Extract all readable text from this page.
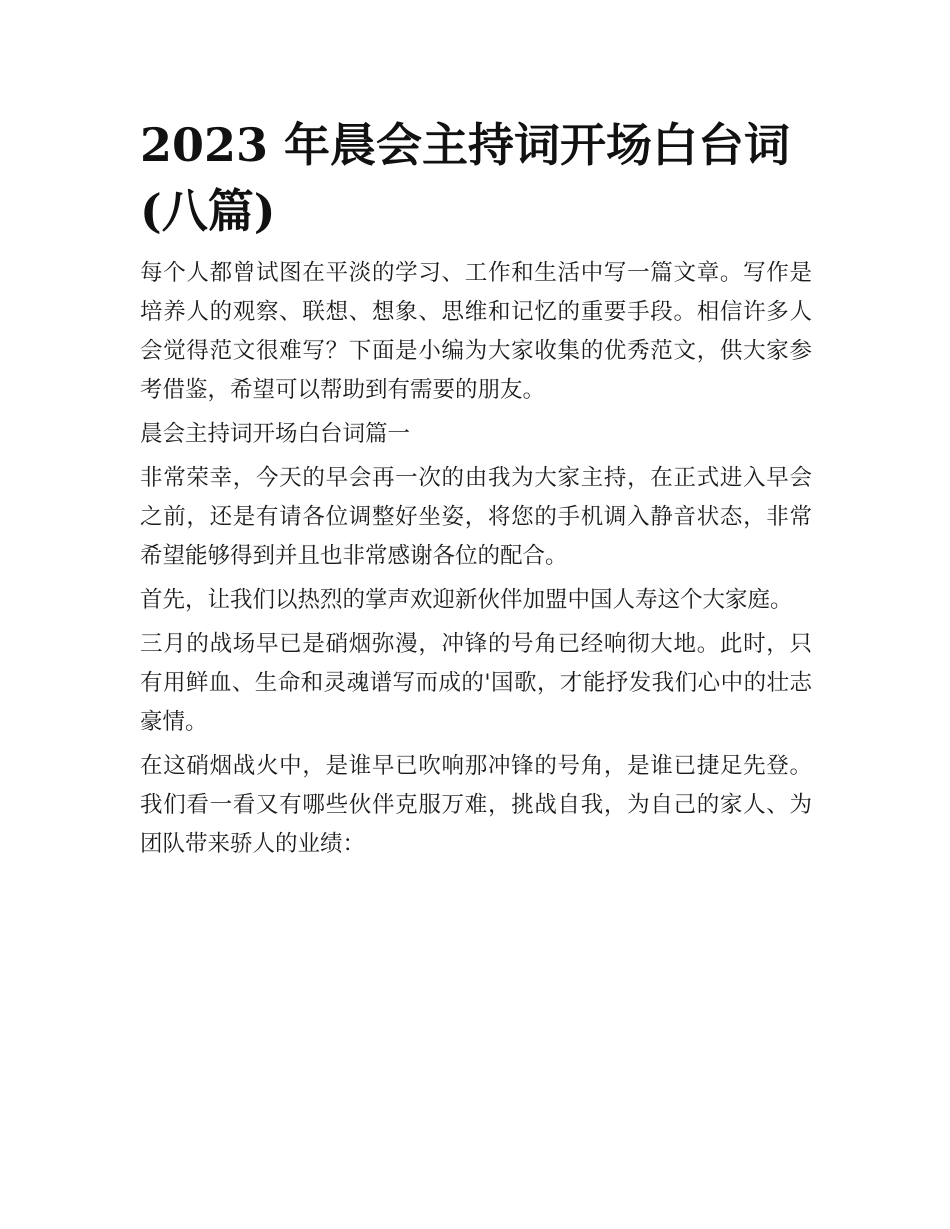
2023 年晨会主持词开场白台词(八篇)

每个人都曾试图在平淡的学习、工作和生活中写一篇文章。写作是培养人的观察、联想、想象、思维和记忆的重要手段。相信许多人会觉得范文很难写？下面是小编为大家收集的优秀范文，供大家参考借鉴，希望可以帮助到有需要的朋友。

晨会主持词开场白台词篇一

非常荣幸，今天的早会再一次的由我为大家主持，在正式进入早会之前，还是有请各位调整好坐姿，将您的手机调入静音状态，非常希望能够得到并且也非常感谢各位的配合。

首先，让我们以热烈的掌声欢迎新伙伴加盟中国人寿这个大家庭。

三月的战场早已是硝烟弥漫，冲锋的号角已经响彻大地。此时，只有用鲜血、生命和灵魂谱写而成的'国歌，才能抒发我们心中的壮志豪情。

在这硝烟战火中，是谁早已吹响那冲锋的号角，是谁已捷足先登。我们看一看又有哪些伙伴克服万难，挑战自我，为自己的家人、为团队带来骄人的业绩：
